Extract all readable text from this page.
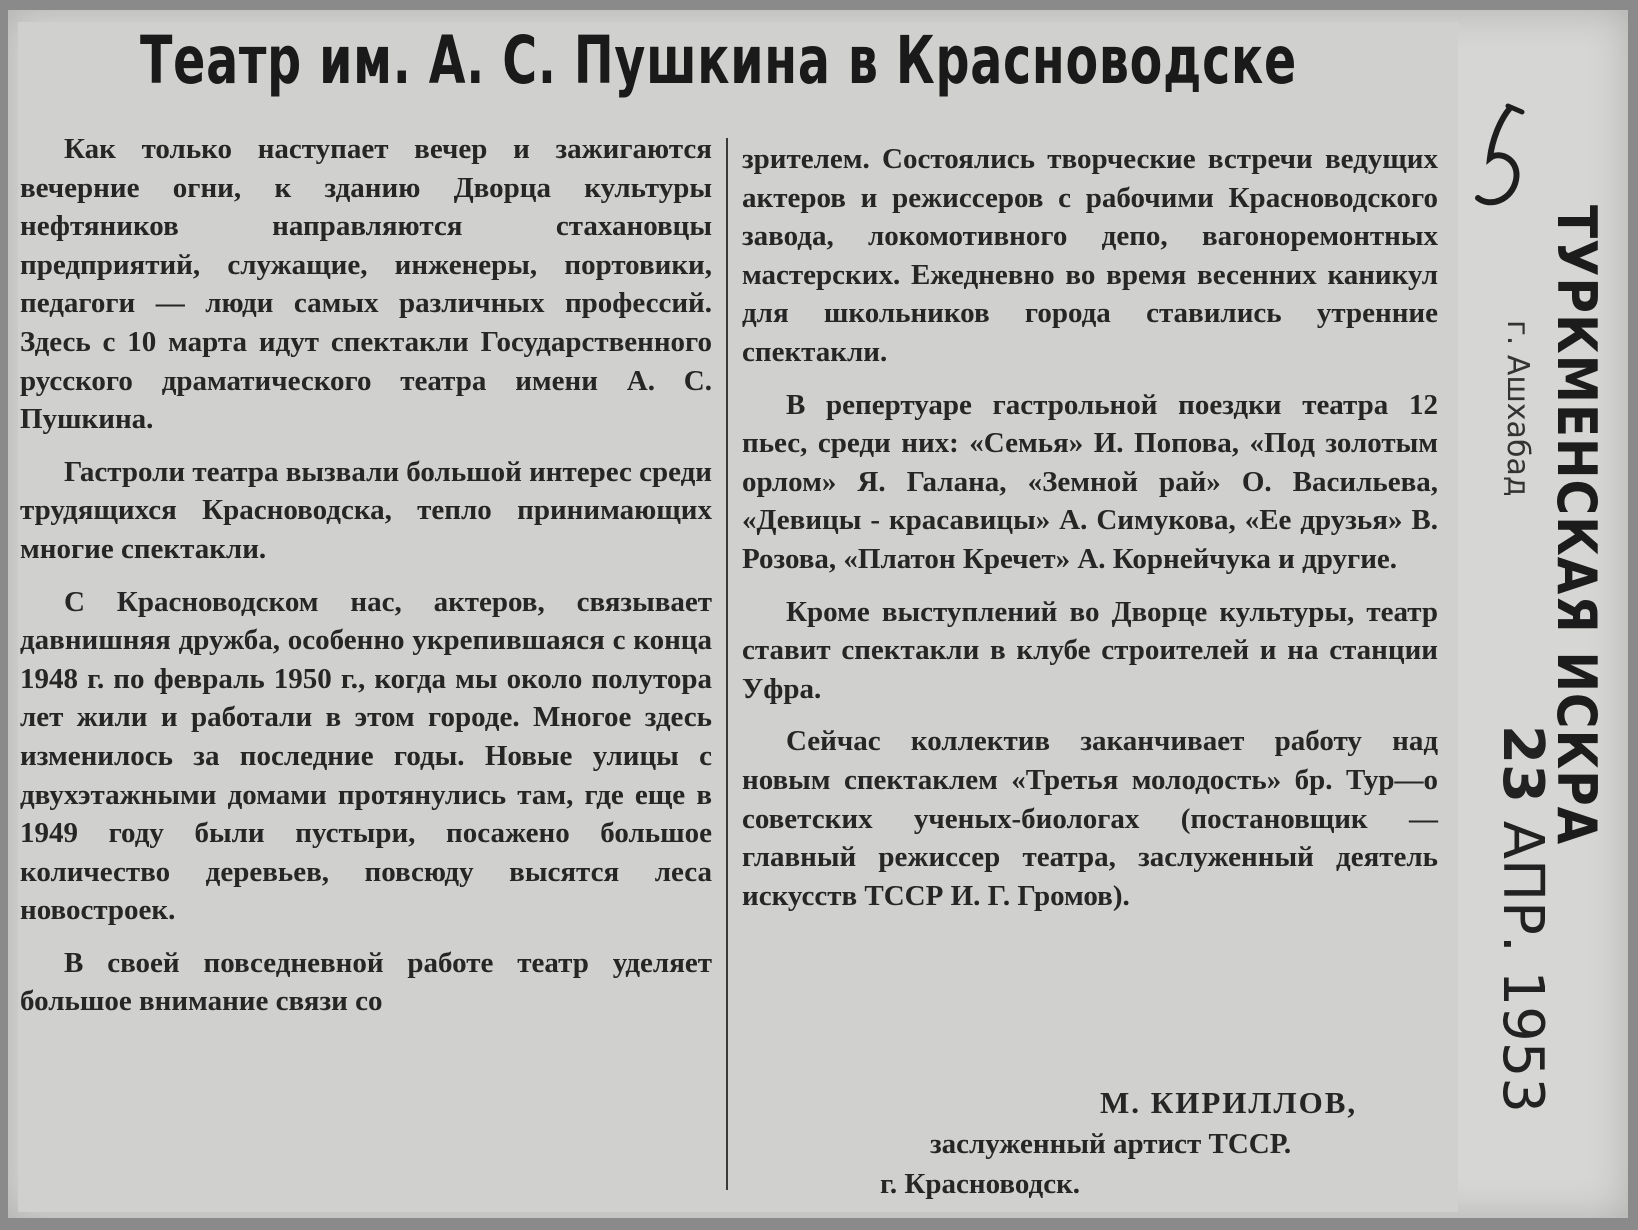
Театр им. А. С. Пушкина в Красноводске

Как только наступает вечер и зажигаются вечерние огни, к зданию Дворца культуры нефтяников направляются стахановцы предприятий, служащие, инженеры, портовики, педагоги — люди самых различных профессий. Здесь с 10 марта идут спектакли Государственного русского драматического театра имени А. С. Пушкина.

Гастроли театра вызвали большой интерес среди трудящихся Красноводска, тепло принимающих многие спектакли.

С Красноводском нас, актеров, связывает давнишняя дружба, особенно укрепившаяся с конца 1948 г. по февраль 1950 г., когда мы около полутора лет жили и работали в этом городе. Многое здесь изменилось за последние годы. Новые улицы с двухэтажными домами протянулись там, где еще в 1949 году были пустыри, посажено большое количество деревьев, повсюду высятся леса новостроек.

В своей повседневной работе театр уделяет большое внимание связи со

зрителем. Состоялись творческие встречи ведущих актеров и режиссеров с рабочими Красноводского завода, локомотивного депо, вагоноремонтных мастерских. Ежедневно во время весенних каникул для школьников города ставились утренние спектакли.

В репертуаре гастрольной поездки театра 12 пьес, среди них: «Семья» И. Попова, «Под золотым орлом» Я. Галана, «Земной рай» О. Васильева, «Девицы - красавицы» А. Симукова, «Ее друзья» В. Розова, «Платон Кречет» А. Корнейчука и другие.

Кроме выступлений во Дворце культуры, театр ставит спектакли в клубе строителей и на станции Уфра.

Сейчас коллектив заканчивает работу над новым спектаклем «Третья молодость» бр. Тур—о советских ученых-биологах (постановщик — главный режиссер театра, заслуженный деятель искусств ТССР И. Г. Громов).

М. КИРИЛЛОВ,
заслуженный артист ТССР.
г. Красноводск.
ТУРКМЕНСКАЯ ИСКРА
г. Ашхабад
23 АПР. 1953
